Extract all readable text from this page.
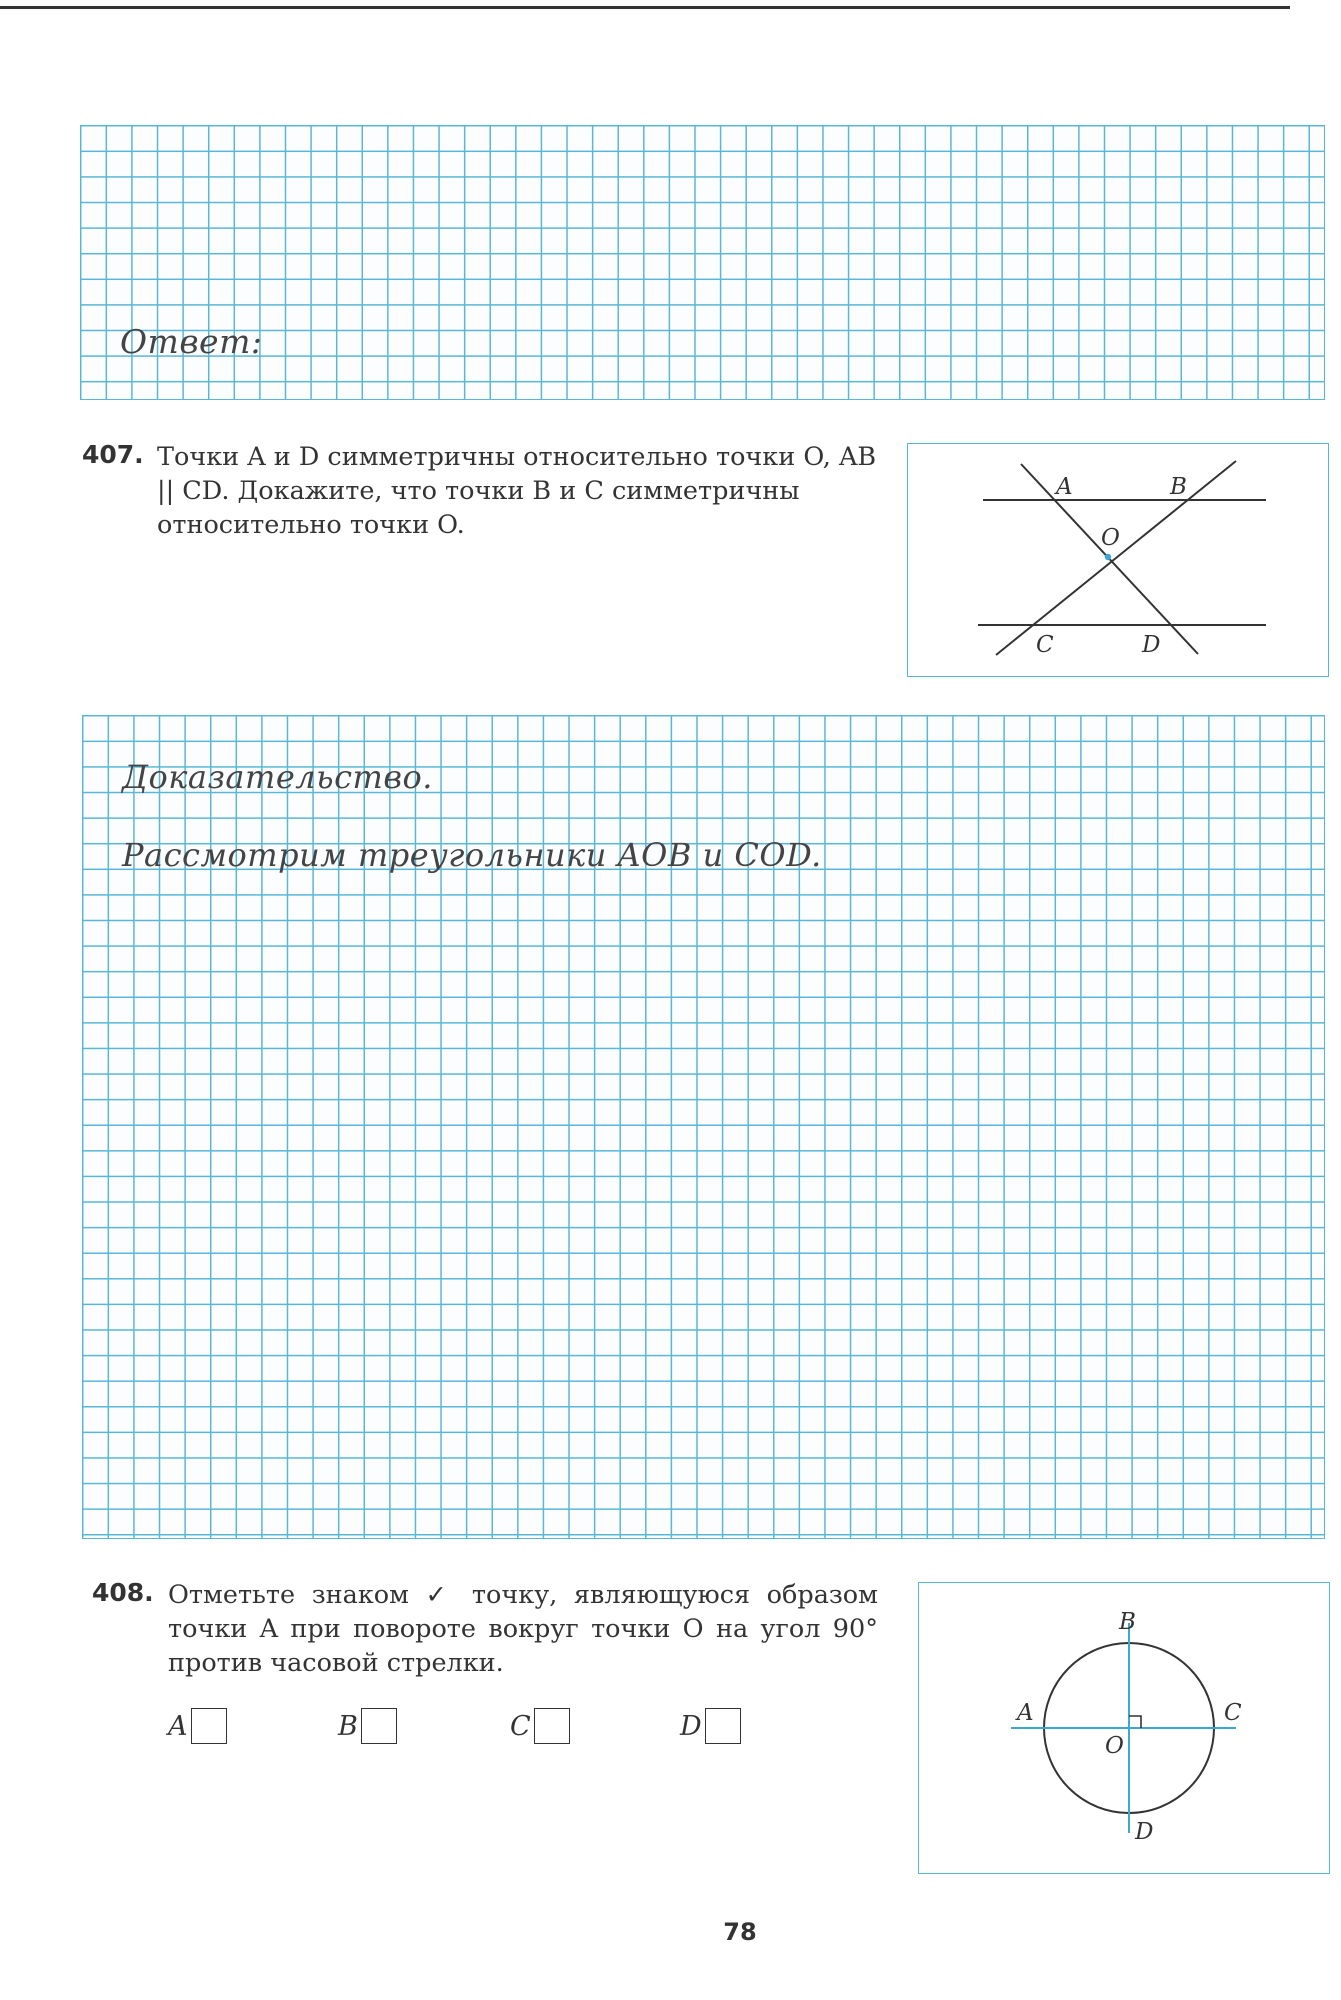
Ответ:
407. Точки A и D симметричны относительно точки O, AB || CD. Докажите, что точки B и C симметричны относительно точки O.
A	B
O
C	D
Доказательство.
Рассмотрим треугольники AOB и COD.
408. Отметьте знаком ✓ точку, являющуюся образом точки A при повороте вокруг точки O на угол 90° против часовой стрелки.
A	B	C	D
B
A	C
O
D
78
